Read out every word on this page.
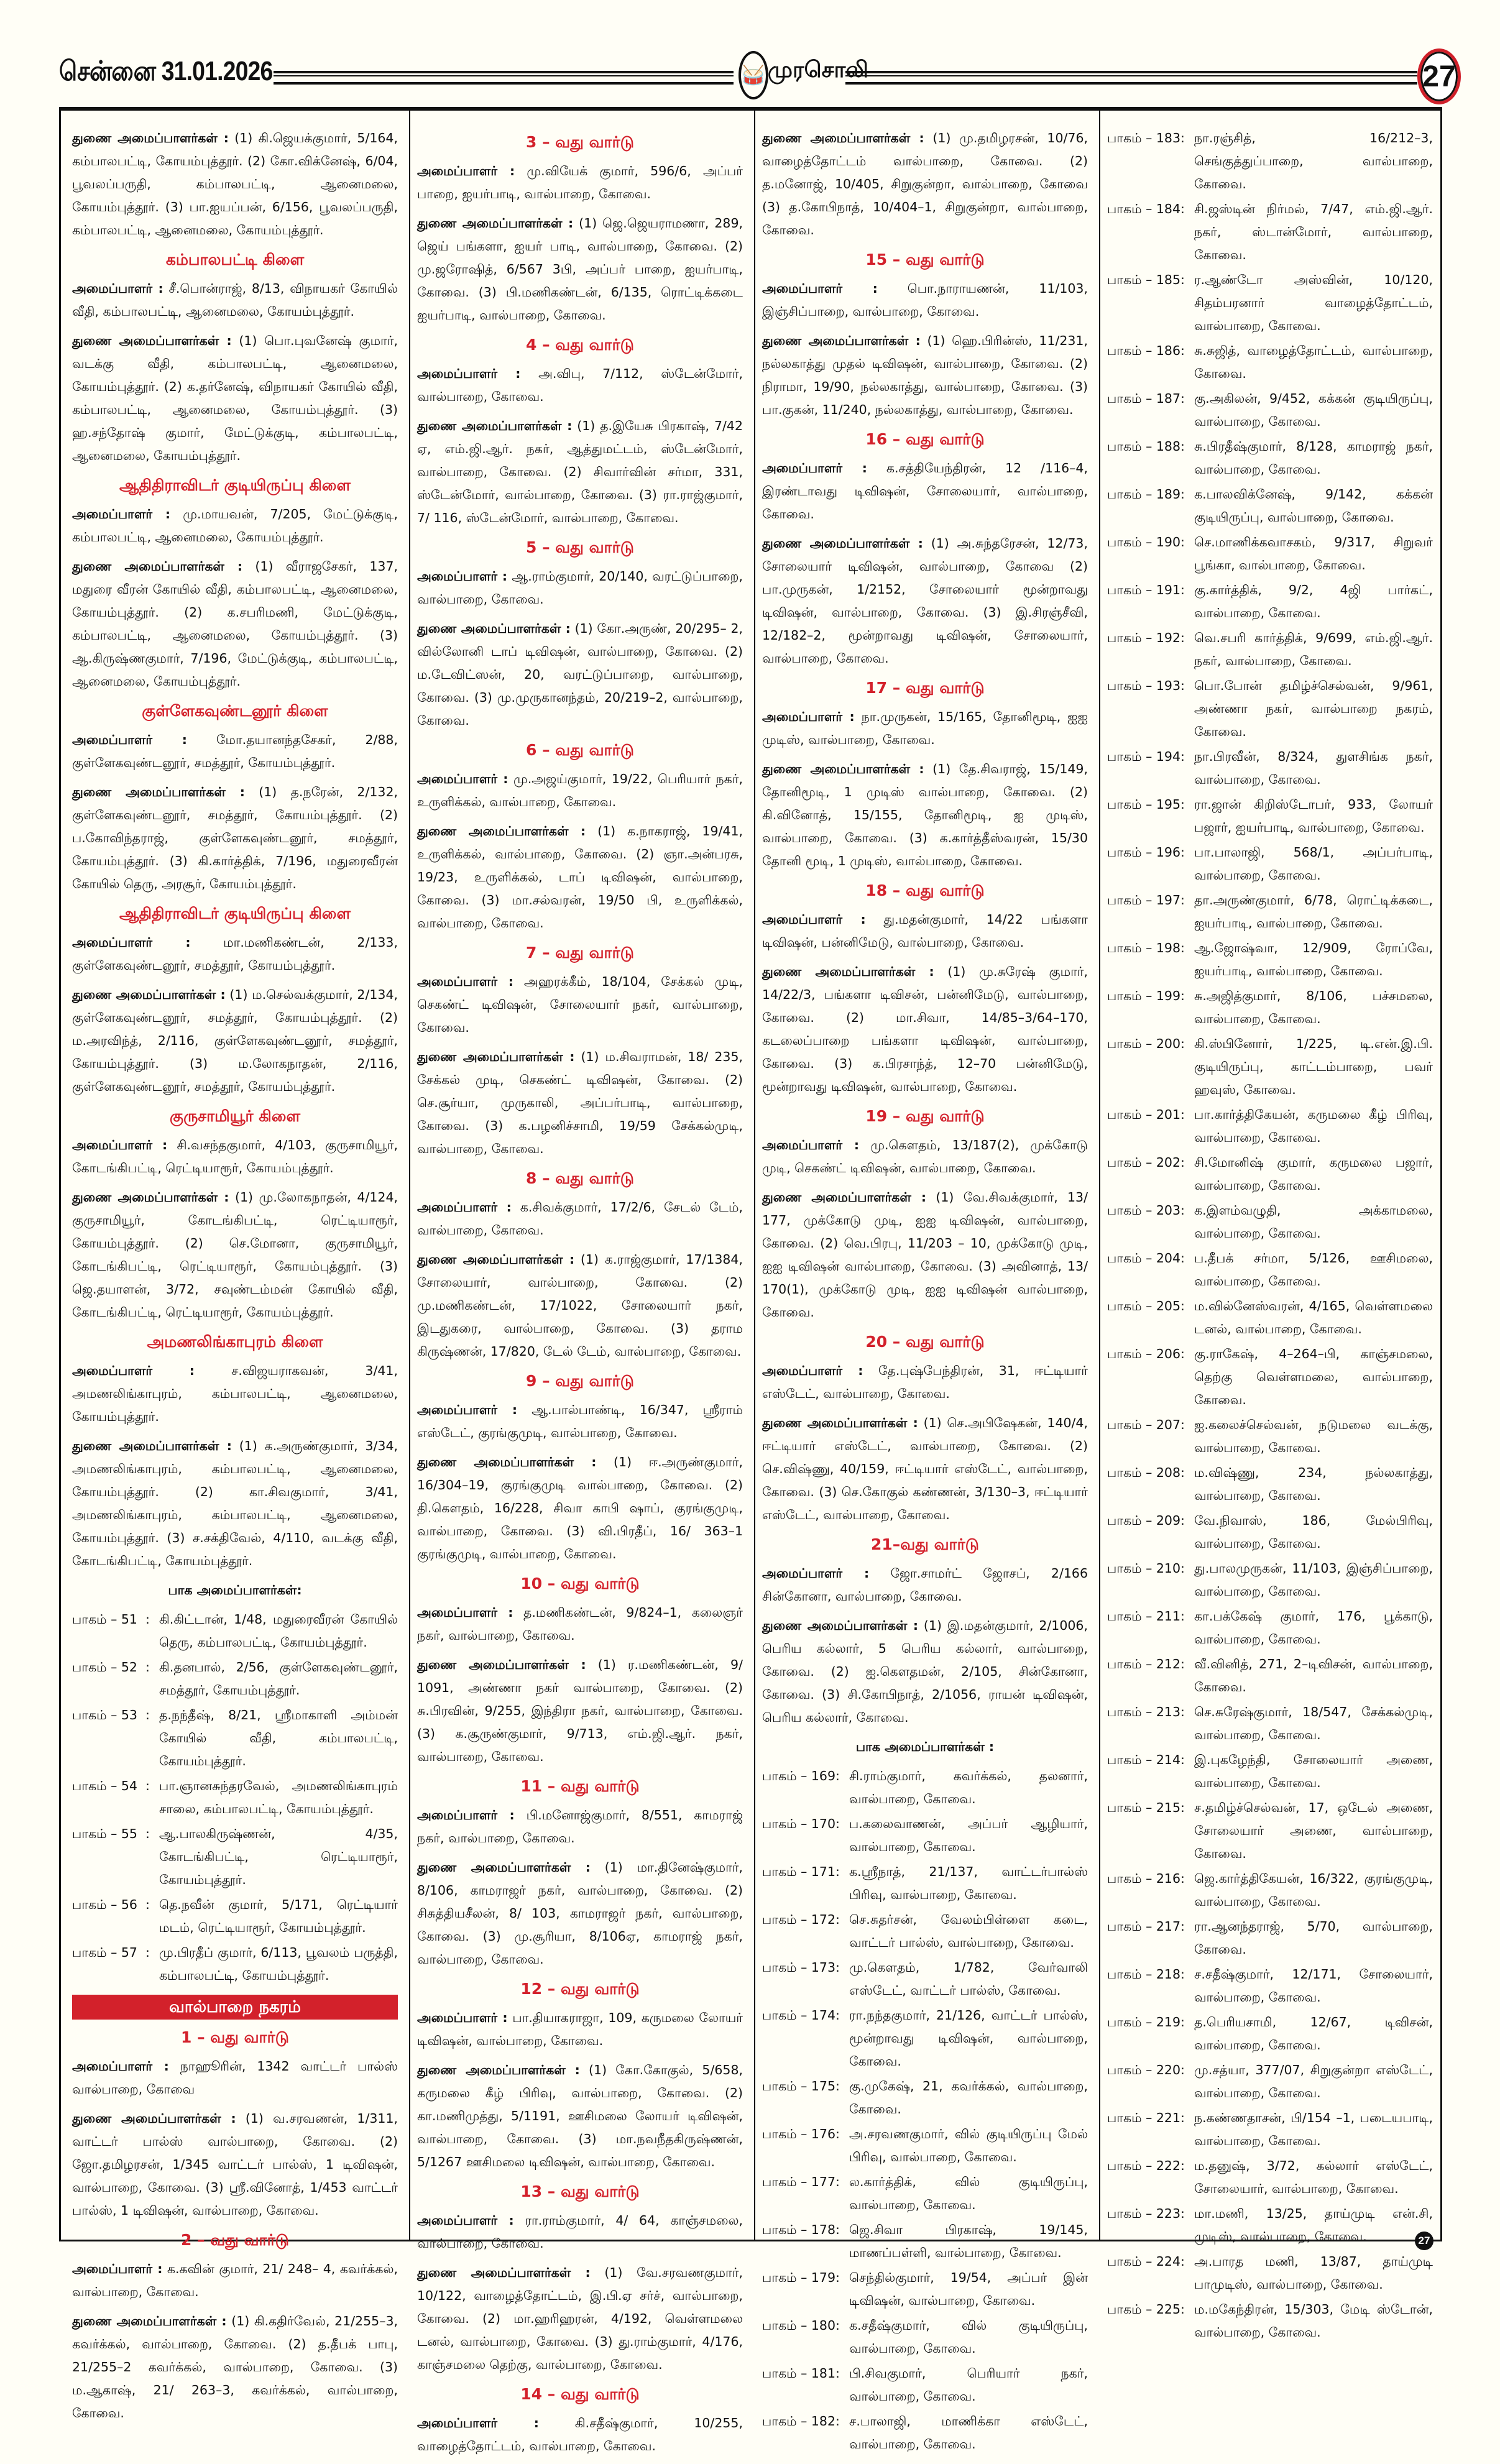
சென்னை 31.01.2026	🥁 முரசொலி	27
துணை அமைப்பாளர்கள் : (1) கி.ஜெயக்குமார், 5/164, கம்பாலபட்டி, கோயம்புத்தூர். (2) கோ.விக்னேஷ், 6/04, பூவலப்பருதி, கம்பாலபட்டி, ஆனைமலை, கோயம்புத்தூர். (3) பா.ஐயப்பன், 6/156, பூவலப்பருதி, கம்பாலபட்டி, ஆனைமலை, கோயம்புத்தூர்.
கம்பாலபட்டி கிளை
அமைப்பாளர் : சீ.பொன்ராஜ், 8/13, விநாயகர் கோயில் வீதி, கம்பாலபட்டி, ஆனைமலை, கோயம்புத்தூர்.
துணை அமைப்பாளர்கள் : (1) பொ.புவனேஷ் குமார், வடக்கு வீதி, கம்பாலபட்டி, ஆனைமலை, கோயம்புத்தூர். (2) க.தர்னேஷ், விநாயகர் கோயில் வீதி, கம்பாலபட்டி, ஆனைமலை, கோயம்புத்தூர். (3) ஹ.சந்தோஷ் குமார், மேட்டுக்குடி, கம்பாலபட்டி, ஆனைமலை, கோயம்புத்தூர்.
ஆதிதிராவிடர் குடியிருப்பு கிளை
அமைப்பாளர் : மு.மாயவன், 7/205, மேட்டுக்குடி, கம்பாலபட்டி, ஆனைமலை, கோயம்புத்தூர்.
துணை அமைப்பாளர்கள் : (1) வீராஜசேகர், 137, மதுரை வீரன் கோயில் வீதி, கம்பாலபட்டி, ஆனைமலை, கோயம்புத்தூர். (2) க.சபரிமணி, மேட்டுக்குடி, கம்பாலபட்டி, ஆனைமலை, கோயம்புத்தூர். (3) ஆ.கிருஷ்ணகுமார், 7/196, மேட்டுக்குடி, கம்பாலபட்டி, ஆனைமலை, கோயம்புத்தூர்.
குள்ளேகவுண்டனூர் கிளை
அமைப்பாளர் : மோ.தயானந்தசேகர், 2/88, குள்ளேகவுண்டனூர், சமத்தூர், கோயம்புத்தூர்.
துணை அமைப்பாளர்கள் : (1) த.நரேன், 2/132, குள்ளேகவுண்டனூர், சமத்தூர், கோயம்புத்தூர். (2) ப.கோவிந்தராஜ், குள்ளேகவுண்டனூர், சமத்தூர், கோயம்புத்தூர். (3) கி.கார்த்திக், 7/196, மதுரைவீரன் கோயில் தெரு, அரசூர், கோயம்புத்தூர்.
ஆதிதிராவிடர் குடியிருப்பு கிளை
அமைப்பாளர் : மா.மணிகண்டன், 2/133, குள்ளேகவுண்டனூர், சமத்தூர், கோயம்புத்தூர்.
துணை அமைப்பாளர்கள் : (1) ம.செல்வக்குமார், 2/134, குள்ளேகவுண்டனூர், சமத்தூர், கோயம்புத்தூர். (2) ம.அரவிந்த், 2/116, குள்ளேகவுண்டனூர், சமத்தூர், கோயம்புத்தூர். (3) ம.லோகநாதன், 2/116, குள்ளேகவுண்டனூர், சமத்தூர், கோயம்புத்தூர்.
குருசாமியூர் கிளை
அமைப்பாளர் : சி.வசந்தகுமார், 4/103, குருசாமியூர், கோடங்கிபட்டி, ரெட்டியாரூர், கோயம்புத்தூர்.
துணை அமைப்பாளர்கள் : (1) மு.லோகநாதன், 4/124, குருசாமியூர், கோடங்கிபட்டி, ரெட்டியாரூர், கோயம்புத்தூர். (2) செ.மோனா, குருசாமியூர், கோடங்கிபட்டி, ரெட்டியாரூர், கோயம்புத்தூர். (3) ஜெ.தயாளன், 3/72, சவுண்டம்மன் கோயில் வீதி, கோடங்கிபட்டி, ரெட்டியாரூர், கோயம்புத்தூர்.
அமணலிங்காபுரம் கிளை
அமைப்பாளர் : ச.விஜயராகவன், 3/41, அமணலிங்காபுரம், கம்பாலபட்டி, ஆனைமலை, கோயம்புத்தூர்.
துணை அமைப்பாளர்கள் : (1) க.அருண்குமார், 3/34, அமணலிங்காபுரம், கம்பாலபட்டி, ஆனைமலை, கோயம்புத்தூர். (2) கா.சிவகுமார், 3/41, அமணலிங்காபுரம், கம்பாலபட்டி, ஆனைமலை, கோயம்புத்தூர். (3) ச.சக்திவேல், 4/110, வடக்கு வீதி, கோடங்கிபட்டி, கோயம்புத்தூர்.
பாக அமைப்பாளர்கள்:
பாகம் – 51 : கி.கிட்டான், 1/48, மதுரைவீரன் கோயில் தெரு, கம்பாலபட்டி, கோயம்புத்தூர்.
பாகம் – 52 : கி.தனபால், 2/56, குள்ளேகவுண்டனூர், சமத்தூர், கோயம்புத்தூர்.
பாகம் – 53 : த.நந்தீஷ், 8/21, ஸ்ரீமாகாளி அம்மன் கோயில் வீதி, கம்பாலபட்டி, கோயம்புத்தூர்.
பாகம் – 54 : பா.ஞானசுந்தரவேல், அமணலிங்காபுரம் சாலை, கம்பாலபட்டி, கோயம்புத்தூர்.
பாகம் – 55 : ஆ.பாலகிருஷ்ணன், 4/35, கோடங்கிபட்டி, ரெட்டியாரூர், கோயம்புத்தூர்.
பாகம் – 56 : தெ.நவீன் குமார், 5/171, ரெட்டியார் மடம், ரெட்டியாரூர், கோயம்புத்தூர்.
பாகம் – 57 : மு.பிரதீப் குமார், 6/113, பூவலம் பருத்தி, கம்பாலபட்டி, கோயம்புத்தூர்.
வால்பாறை நகரம்
1 – வது வார்டு
அமைப்பாளர் : நாஹூரின், 1342 வாட்டர் பால்ஸ் வால்பாறை, கோவை
துணை அமைப்பாளர்கள் : (1) வ.சரவணன், 1/311, வாட்டர் பால்ஸ் வால்பாறை, கோவை. (2) ஜோ.தமிழரசன், 1/345 வாட்டர் பால்ஸ், 1 டிவிஷன், வால்பாறை, கோவை. (3) ஸ்ரீ.வினோத், 1/453 வாட்டர் பால்ஸ், 1 டிவிஷன், வால்பாறை, கோவை.
2 – வது வார்டு
அமைப்பாளர் : க.கவின் குமார், 21/ 248– 4, கவர்க்கல், வால்பாறை, கோவை.
துணை அமைப்பாளர்கள் : (1) கி.கதிர்வேல், 21/255–3, கவர்க்கல், வால்பாறை, கோவை. (2) த.தீபக் பாபு, 21/255–2 கவர்க்கல், வால்பாறை, கோவை. (3) ம.ஆகாஷ், 21/ 263–3, கவர்க்கல், வால்பாறை, கோவை.
3 – வது வார்டு
அமைப்பாளர் : மு.வியேக் குமார், 596/6, அப்பர் பாறை, ஐயர்பாடி, வால்பாறை, கோவை.
துணை அமைப்பாளர்கள் : (1) ஜெ.ஜெயராமணா, 289, ஜெய் பங்களா, ஐயர் பாடி, வால்பாறை, கோவை. (2) மு.ஜரோஷித், 6/567 3பி, அப்பர் பாறை, ஐயர்பாடி, கோவை. (3) பி.மணிகண்டன், 6/135, ரொட்டிக்கடை ஐயர்பாடி, வால்பாறை, கோவை.
4 – வது வார்டு
அமைப்பாளர் : அ.விபு, 7/112, ஸ்டேன்மோர், வால்பாறை, கோவை.
துணை அமைப்பாளர்கள் : (1) த.இயேசு பிரகாஷ், 7/42 ஏ, எம்.ஜி.ஆர். நகர், ஆத்துமட்டம், ஸ்டேன்மோர், வால்பாறை, கோவை. (2) சிவார்வின் சர்மா, 331, ஸ்டேன்மோர், வால்பாறை, கோவை. (3) ரா.ராஜ்குமார், 7/ 116, ஸ்டேன்மோர், வால்பாறை, கோவை.
5 – வது வார்டு
அமைப்பாளர் : ஆ.ராம்குமார், 20/140, வரட்டுப்பாறை, வால்பாறை, கோவை.
துணை அமைப்பாளர்கள் : (1) கோ.அருண், 20/295– 2, வில்லோனி டாப் டிவிஷன், வால்பாறை, கோவை. (2) ம.டேவிட்ஸன், 20, வரட்டுப்பாறை, வால்பாறை, கோவை. (3) மு.முருகானந்தம், 20/219–2, வால்பாறை, கோவை.
6 – வது வார்டு
அமைப்பாளர் : மு.அஜய்குமார், 19/22, பெரியார் நகர், உருளிக்கல், வால்பாறை, கோவை.
துணை அமைப்பாளர்கள் : (1) க.நாகராஜ், 19/41, உருளிக்கல், வால்பாறை, கோவை. (2) ஞா.அன்பரசு, 19/23, உருளிக்கல், டாப் டிவிஷன், வால்பாறை, கோவை. (3) மா.சல்வரன், 19/50 பி, உருளிக்கல், வால்பாறை, கோவை.
7 – வது வார்டு
அமைப்பாளர் : அஹரக்கீம், 18/104, சேக்கல் முடி, செகண்ட் டிவிஷன், சோலையார் நகர், வால்பாறை, கோவை.
துணை அமைப்பாளர்கள் : (1) ம.சிவராமன், 18/ 235, சேக்கல் முடி, செகண்ட் டிவிஷன், கோவை. (2) செ.சூர்யா, முருகாலி, அப்பர்பாடி, வால்பாறை, கோவை. (3) க.பழனிச்சாமி, 19/59 சேக்கல்முடி, வால்பாறை, கோவை.
8 – வது வார்டு
அமைப்பாளர் : க.சிவக்குமார், 17/2/6, சேடல் டேம், வால்பாறை, கோவை.
துணை அமைப்பாளர்கள் : (1) க.ராஜ்குமார், 17/1384, சோலையார், வால்பாறை, கோவை. (2) மு.மணிகண்டன், 17/1022, சோலையார் நகர், இடதுகரை, வால்பாறை, கோவை. (3) தராம கிருஷ்ணன், 17/820, டேல் டேம், வால்பாறை, கோவை.
9 – வது வார்டு
அமைப்பாளர் : ஆ.பால்பாண்டி, 16/347, ஸ்ரீராம் எஸ்டேட், குரங்குமுடி, வால்பாறை, கோவை.
துணை அமைப்பாளர்கள் : (1) ஈ.அருண்குமார், 16/304–19, குரங்குமுடி வால்பாறை, கோவை. (2) தி.கௌதம், 16/228, சிவா காபி ஷாப், குரங்குமுடி, வால்பாறை, கோவை. (3) வி.பிரதீப், 16/ 363–1 குரங்குமுடி, வால்பாறை, கோவை.
10 – வது வார்டு
அமைப்பாளர் : த.மணிகண்டன், 9/824–1, கலைஞர் நகர், வால்பாறை, கோவை.
துணை அமைப்பாளர்கள் : (1) ர.மணிகண்டன், 9/ 1091, அண்ணா நகர் வால்பாறை, கோவை. (2) சு.பிரவின், 9/255, இந்திரா நகர், வால்பாறை, கோவை. (3) க.சூருண்குமார், 9/713, எம்.ஜி.ஆர். நகர், வால்பாறை, கோவை.
11 – வது வார்டு
அமைப்பாளர் : பி.மனோஜ்குமார், 8/551, காமராஜ் நகர், வால்பாறை, கோவை.
துணை அமைப்பாளர்கள் : (1) மா.தினேஷ்குமார், 8/106, காமராஜர் நகர், வால்பாறை, கோவை. (2) சிசுத்தியசீலன், 8/ 103, காமராஜர் நகர், வால்பாறை, கோவை. (3) மு.சூரியா, 8/106ஏ, காமராஜ் நகர், வால்பாறை, கோவை.
12 – வது வார்டு
அமைப்பாளர் : பா.தியாகராஜா, 109, கருமலை லோயர் டிவிஷன், வால்பாறை, கோவை.
துணை அமைப்பாளர்கள் : (1) கோ.கோகுல், 5/658, கருமலை கீழ் பிரிவு, வால்பாறை, கோவை. (2) கா.மணிமுத்து, 5/1191, ஊசிமலை லோயர் டிவிஷன், வால்பாறை, கோவை. (3) மா.நவநீதகிருஷ்ணன், 5/1267 ஊசிமலை டிவிஷன், வால்பாறை, கோவை.
13 – வது வார்டு
அமைப்பாளர் : ரா.ராம்குமார், 4/ 64, காஞ்சமலை, வால்பாறை, கோவை.
துணை அமைப்பாளர்கள் : (1) வே.சரவணகுமார், 10/122, வாழைத்தோட்டம், இ.பி.ஏ சர்ச், வால்பாறை, கோவை. (2) மா.ஹரிஹரன், 4/192, வெள்ளமலை டனல், வால்பாறை, கோவை. (3) து.ராம்குமார், 4/176, காஞ்சமலை தெற்கு, வால்பாறை, கோவை.
14 – வது வார்டு
அமைப்பாளர் : கி.சதீஷ்குமார், 10/255, வாழைத்தோட்டம், வால்பாறை, கோவை.
துணை அமைப்பாளர்கள் : (1) மு.தமிழரசன், 10/76, வாழைத்தோட்டம் வால்பாறை, கோவை. (2) த.மனோஜ், 10/405, சிறுகுன்றா, வால்பாறை, கோவை (3) த.கோபிநாத், 10/404–1, சிறுகுன்றா, வால்பாறை, கோவை.
15 – வது வார்டு
அமைப்பாளர் : பொ.நாராயணன், 11/103, இஞ்சிப்பாறை, வால்பாறை, கோவை.
துணை அமைப்பாளர்கள் : (1) ஹெ.பிரின்ஸ், 11/231, நல்லகாத்து முதல் டிவிஷன், வால்பாறை, கோவை. (2) நிராமா, 19/90, நல்லகாத்து, வால்பாறை, கோவை. (3) பா.குகன், 11/240, நல்லகாத்து, வால்பாறை, கோவை.
16 – வது வார்டு
அமைப்பாளர் : க.சத்தியேந்திரன், 12 /116–4, இரண்டாவது டிவிஷன், சோலையார், வால்பாறை, கோவை.
துணை அமைப்பாளர்கள் : (1) அ.சுந்தரேசன், 12/73, சோலையார் டிவிஷன், வால்பாறை, கோவை (2) பா.முருகன், 1/2152, சோலையார் மூன்றாவது டிவிஷன், வால்பாறை, கோவை. (3) இ.சிரஞ்சீவி, 12/182–2, மூன்றாவது டிவிஷன், சோலையார், வால்பாறை, கோவை.
17 – வது வார்டு
அமைப்பாளர் : நா.முருகன், 15/165, தோனிமூடி, ஐஐ முடிஸ், வால்பாறை, கோவை.
துணை அமைப்பாளர்கள் : (1) தே.சிவராஜ், 15/149, தோனிமூடி, 1 முடிஸ் வால்பாறை, கோவை. (2) கி.வினோத், 15/155, தோனிமூடி, ஐ முடிஸ், வால்பாறை, கோவை. (3) க.கார்த்தீஸ்வரன், 15/30 தோனி மூடி, 1 முடிஸ், வால்பாறை, கோவை.
18 – வது வார்டு
அமைப்பாளர் : து.மதன்குமார், 14/22 பங்களா டிவிஷன், பன்னிமேடு, வால்பாறை, கோவை.
துணை அமைப்பாளர்கள் : (1) மு.சுரேஷ் குமார், 14/22/3, பங்களா டிவிசன், பன்னிமேடு, வால்பாறை, கோவை. (2) மா.சிவா, 14/85–3/64–170, கடலைப்பாறை பங்களா டிவிஷன், வால்பாறை, கோவை. (3) க.பிரசாந்த், 12–70 பன்னிமேடு, மூன்றாவது டிவிஷன், வால்பாறை, கோவை.
19 – வது வார்டு
அமைப்பாளர் : மு.கௌதம், 13/187(2), முக்கோடு முடி, செகண்ட் டிவிஷன், வால்பாறை, கோவை.
துணை அமைப்பாளர்கள் : (1) வே.சிவக்குமார், 13/ 177, முக்கோடு முடி, ஐஐ டிவிஷன், வால்பாறை, கோவை. (2) வெ.பிரபு, 11/203 – 10, முக்கோடு முடி, ஐஐ டிவிஷன் வால்பாறை, கோவை. (3) அவினாத், 13/ 170(1), முக்கோடு முடி, ஐஐ டிவிஷன் வால்பாறை, கோவை.
20 – வது வார்டு
அமைப்பாளர் : தே.புஷ்பேந்திரன், 31, ஈட்டியார் எஸ்டேட், வால்பாறை, கோவை.
துணை அமைப்பாளர்கள் : (1) செ.அபிஷேகன், 140/4, ஈட்டியார் எஸ்டேட், வால்பாறை, கோவை. (2) செ.விஷ்ணு, 40/159, ஈட்டியார் எஸ்டேட், வால்பாறை, கோவை. (3) செ.கோகுல் கண்ணன், 3/130–3, ஈட்டியார் எஸ்டேட், வால்பாறை, கோவை.
21–வது வார்டு
அமைப்பாளர் : ஜோ.சாமர்ட் ஜோசப், 2/166 சின்கோனா, வால்பாறை, கோவை.
துணை அமைப்பாளர்கள் : (1) இ.மதன்குமார், 2/1006, பெரிய கல்லார், 5 பெரிய கல்லார், வால்பாறை, கோவை. (2) ஐ.கௌதமன், 2/105, சின்கோனா, கோவை. (3) சி.கோபிநாத், 2/1056, ராயன் டிவிஷன், பெரிய கல்லார், கோவை.
பாக அமைப்பாளர்கள் :
பாகம் – 169 : சி.ராம்குமார், கவர்க்கல், தலனார், வால்பாறை, கோவை.
பாகம் – 170 : ப.கலைவாணன், அப்பர் ஆழியார், வால்பாறை, கோவை.
பாகம் – 171 : க.ஸ்ரீநாத், 21/137, வாட்டர்பால்ஸ் பிரிவு, வால்பாறை, கோவை.
பாகம் – 172 : செ.சுதர்சன், வேலம்பிள்ளை கடை, வாட்டர் பால்ஸ், வால்பாறை, கோவை.
பாகம் – 173 : மு.கௌதம், 1/782, வேர்வாலி எஸ்டேட், வாட்டர் பால்ஸ், கோவை.
பாகம் – 174 : ரா.நந்தகுமார், 21/126, வாட்டர் பால்ஸ், மூன்றாவது டிவிஷன், வால்பாறை, கோவை.
பாகம் – 175 : கு.முகேஷ், 21, கவர்க்கல், வால்பாறை, கோவை.
பாகம் – 176 : அ.சரவணகுமார், வில் குடியிருப்பு மேல் பிரிவு, வால்பாறை, கோவை.
பாகம் – 177 : ல.கார்த்திக், வில் குடியிருப்பு, வால்பாறை, கோவை.
பாகம் – 178 : ஜெ.சிவா பிரகாஷ், 19/145, மாணப்பள்ளி, வால்பாறை, கோவை.
பாகம் – 179 : செந்தில்குமார், 19/54, அப்பர் இன் டிவிஷன், வால்பாறை, கோவை.
பாகம் – 180 : க.சதீஷ்குமார், வில் குடியிருப்பு, வால்பாறை, கோவை.
பாகம் – 181 : பி.சிவகுமார், பெரியார் நகர், வால்பாறை, கோவை.
பாகம் – 182 : ச.பாலாஜி, மாணிக்கா எஸ்டேட், வால்பாறை, கோவை.
பாகம் – 183 : நா.ரஞ்சித், 16/212–3, செங்குத்துப்பாறை, வால்பாறை, கோவை.
பாகம் – 184 : சி.ஜஸ்டின் நிர்மல், 7/47, எம்.ஜி.ஆர். நகர், ஸ்டான்மோர், வால்பாறை, கோவை.
பாகம் – 185 : ர.ஆண்டோ அஸ்வின், 10/120, சிதம்பரனார் வாழைத்தோட்டம், வால்பாறை, கோவை.
பாகம் – 186 : சு.சுஜித், வாழைத்தோட்டம், வால்பாறை, கோவை.
பாகம் – 187 : கு.அகிலன், 9/452, கக்கன் குடியிருப்பு, வால்பாறை, கோவை.
பாகம் – 188 : சு.பிரதீஷ்குமார், 8/128, காமராஜ் நகர், வால்பாறை, கோவை.
பாகம் – 189 : க.பாலவிக்னேஷ், 9/142, கக்கன் குடியிருப்பு, வால்பாறை, கோவை.
பாகம் – 190 : செ.மாணிக்கவாசகம், 9/317, சிறுவர் பூங்கா, வால்பாறை, கோவை.
பாகம் – 191 : கு.கார்த்திக், 9/2, 4ஜி பார்கட், வால்பாறை, கோவை.
பாகம் – 192 : வெ.சபரி கார்த்திக், 9/699, எம்.ஜி.ஆர். நகர், வால்பாறை, கோவை.
பாகம் – 193 : பொ.போன் தமிழ்ச்செல்வன், 9/961, அண்ணா நகர், வால்பாறை நகரம், கோவை.
பாகம் – 194 : நா.பிரவீன், 8/324, துளசிங்க நகர், வால்பாறை, கோவை.
பாகம் – 195 : ரா.ஜான் கிறிஸ்டோபர், 933, லோயர் பஜார், ஐயர்பாடி, வால்பாறை, கோவை.
பாகம் – 196 : பா.பாலாஜி, 568/1, அப்பர்பாடி, வால்பாறை, கோவை.
பாகம் – 197 : தா.அருண்குமார், 6/78, ரொட்டிக்கடை, ஐயர்பாடி, வால்பாறை, கோவை.
பாகம் – 198 : ஆ.ஜோஷ்வா, 12/909, ரோப்வே, ஐயர்பாடி, வால்பாறை, கோவை.
பாகம் – 199 : சு.அஜித்குமார், 8/106, பச்சமலை, வால்பாறை, கோவை.
பாகம் – 200 : கி.ஸ்பினோர், 1/225, டி.என்.இ.பி. குடியிருப்பு, காட்டம்பாறை, பவர் ஹவுஸ், கோவை.
பாகம் – 201 : பா.கார்த்திகேயன், கருமலை கீழ் பிரிவு, வால்பாறை, கோவை.
பாகம் – 202 : சி.மோனிஷ் குமார், கருமலை பஜார், வால்பாறை, கோவை.
பாகம் – 203 : க.இளம்வழுதி, அக்காமலை, வால்பாறை, கோவை.
பாகம் – 204 : ப.தீபக் சர்மா, 5/126, ஊசிமலை, வால்பாறை, கோவை.
பாகம் – 205 : ம.வில்னேஸ்வரன், 4/165, வெள்ளமலை டனல், வால்பாறை, கோவை.
பாகம் – 206 : கு.ராகேஷ், 4–264–பி, காஞ்சமலை, தெற்கு வெள்ளமலை, வால்பாறை, கோவை.
பாகம் – 207 : ஐ.கலைச்செல்வன், நடுமலை வடக்கு, வால்பாறை, கோவை.
பாகம் – 208 : ம.விஷ்ணு, 234, நல்லகாத்து, வால்பாறை, கோவை.
பாகம் – 209 : வே.நிவாஸ், 186, மேல்பிரிவு, வால்பாறை, கோவை.
பாகம் – 210 : து.பாலமுருகன், 11/103, இஞ்சிப்பாறை, வால்பாறை, கோவை.
பாகம் – 211 : கா.பக்கேஷ் குமார், 176, பூக்காடு, வால்பாறை, கோவை.
பாகம் – 212 : வீ.வினித், 271, 2–டிவிசன், வால்பாறை, கோவை.
பாகம் – 213 : செ.சுரேஷ்குமார், 18/547, சேக்கல்முடி, வால்பாறை, கோவை.
பாகம் – 214 : இ.புகழேந்தி, சோலையார் அணை, வால்பாறை, கோவை.
பாகம் – 215 : ச.தமிழ்ச்செல்வன், 17, ஒடேல் அணை, சோலையார் அணை, வால்பாறை, கோவை.
பாகம் – 216 : ஜெ.கார்த்திகேயன், 16/322, குரங்குமுடி, வால்பாறை, கோவை.
பாகம் – 217 : ரா.ஆனந்தராஜ், 5/70, வால்பாறை, கோவை.
பாகம் – 218 : ச.சதீஷ்குமார், 12/171, சோலையார், வால்பாறை, கோவை.
பாகம் – 219 : த.பெரியசாமி, 12/67, டிவிசன், வால்பாறை, கோவை.
பாகம் – 220 : மு.சத்யா, 377/07, சிறுகுன்றா எஸ்டேட், வால்பாறை, கோவை.
பாகம் – 221 : ந.கண்ணதாசன், பி/154 –1, படையபாடி, வால்பாறை, கோவை.
பாகம் – 222 : ம.தனுஷ், 3/72, கல்லார் எஸ்டேட், சோலையார், வால்பாறை, கோவை.
பாகம் – 223 : மா.மணி, 13/25, தாய்முடி என்.சி, முடிஸ், வால்பாறை, கோவை.
பாகம் – 224 : அ.பாரத மணி, 13/87, தாய்முடி பாமுடிஸ், வால்பாறை, கோவை.
பாகம் – 225 : ம.மகேந்திரன், 15/303, மேடி ஸ்டோன், வால்பாறை, கோவை.
27
